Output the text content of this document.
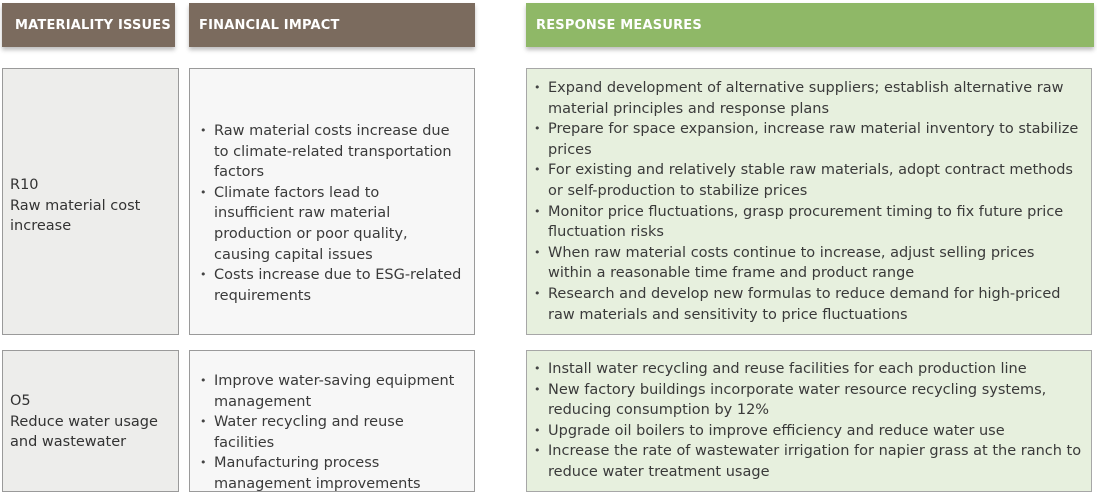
MATERIALITY ISSUES FINANCIAL IMPACT	RESPONSE MEASURES
R10
Raw material cost increase
• Raw material costs increase due to climate-related transportation factors
• Climate factors lead to insufficient raw material production or poor quality, causing capital issues
• Costs increase due to ESG-related requirements
• Expand development of alternative suppliers; establish alternative raw material principles and response plans
• Prepare for space expansion, increase raw material inventory to stabilize prices
• For existing and relatively stable raw materials, adopt contract methods or self-production to stabilize prices
• Monitor price fluctuations, grasp procurement timing to fix future price fluctuation risks
• When raw material costs continue to increase, adjust selling prices within a reasonable time frame and product range
• Research and develop new formulas to reduce demand for high-priced raw materials and sensitivity to price fluctuations
O5
Reduce water usage and wastewater
• Improve water-saving equipment management
• Water recycling and reuse facilities
• Manufacturing process management improvements
• Install water recycling and reuse facilities for each production line
• New factory buildings incorporate water resource recycling systems, reducing consumption by 12%
• Upgrade oil boilers to improve efficiency and reduce water use
• Increase the rate of wastewater irrigation for napier grass at the ranch to reduce water treatment usage
